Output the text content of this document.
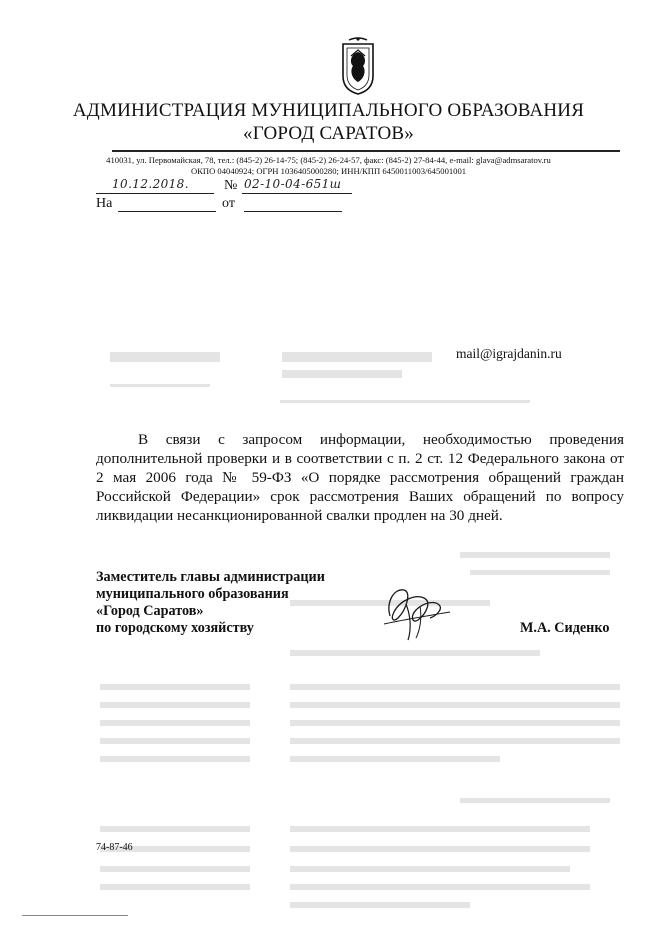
АДМИНИСТРАЦИЯ МУНИЦИПАЛЬНОГО ОБРАЗОВАНИЯ
«ГОРОД САРАТОВ»
410031, ул. Первомайская, 78, тел.: (845-2) 26-14-75; (845-2) 26-24-57, факс: (845-2) 27-84-44, e-mail: glava@admsaratov.ru
ОКПО 04040924; ОГРН 1036405000280; ИНН/КПП 6450011003/645001001
10.12.2018.	№ 02-10-04-651ш
На	от
mail@igrajdanin.ru

В связи с запросом информации, необходимостью проведения дополнительной проверки и в соответствии с п. 2 ст. 12 Федерального закона от 2 мая 2006 года № 59-ФЗ «О порядке рассмотрения обращений граждан Российской Федерации» срок рассмотрения Ваших обращений по вопросу ликвидации несанкционированной свалки продлен на 30 дней.

Заместитель главы администрации
муниципального образования
«Город Саратов»
по городскому хозяйству	М.А. Сиденко
74-87-46
